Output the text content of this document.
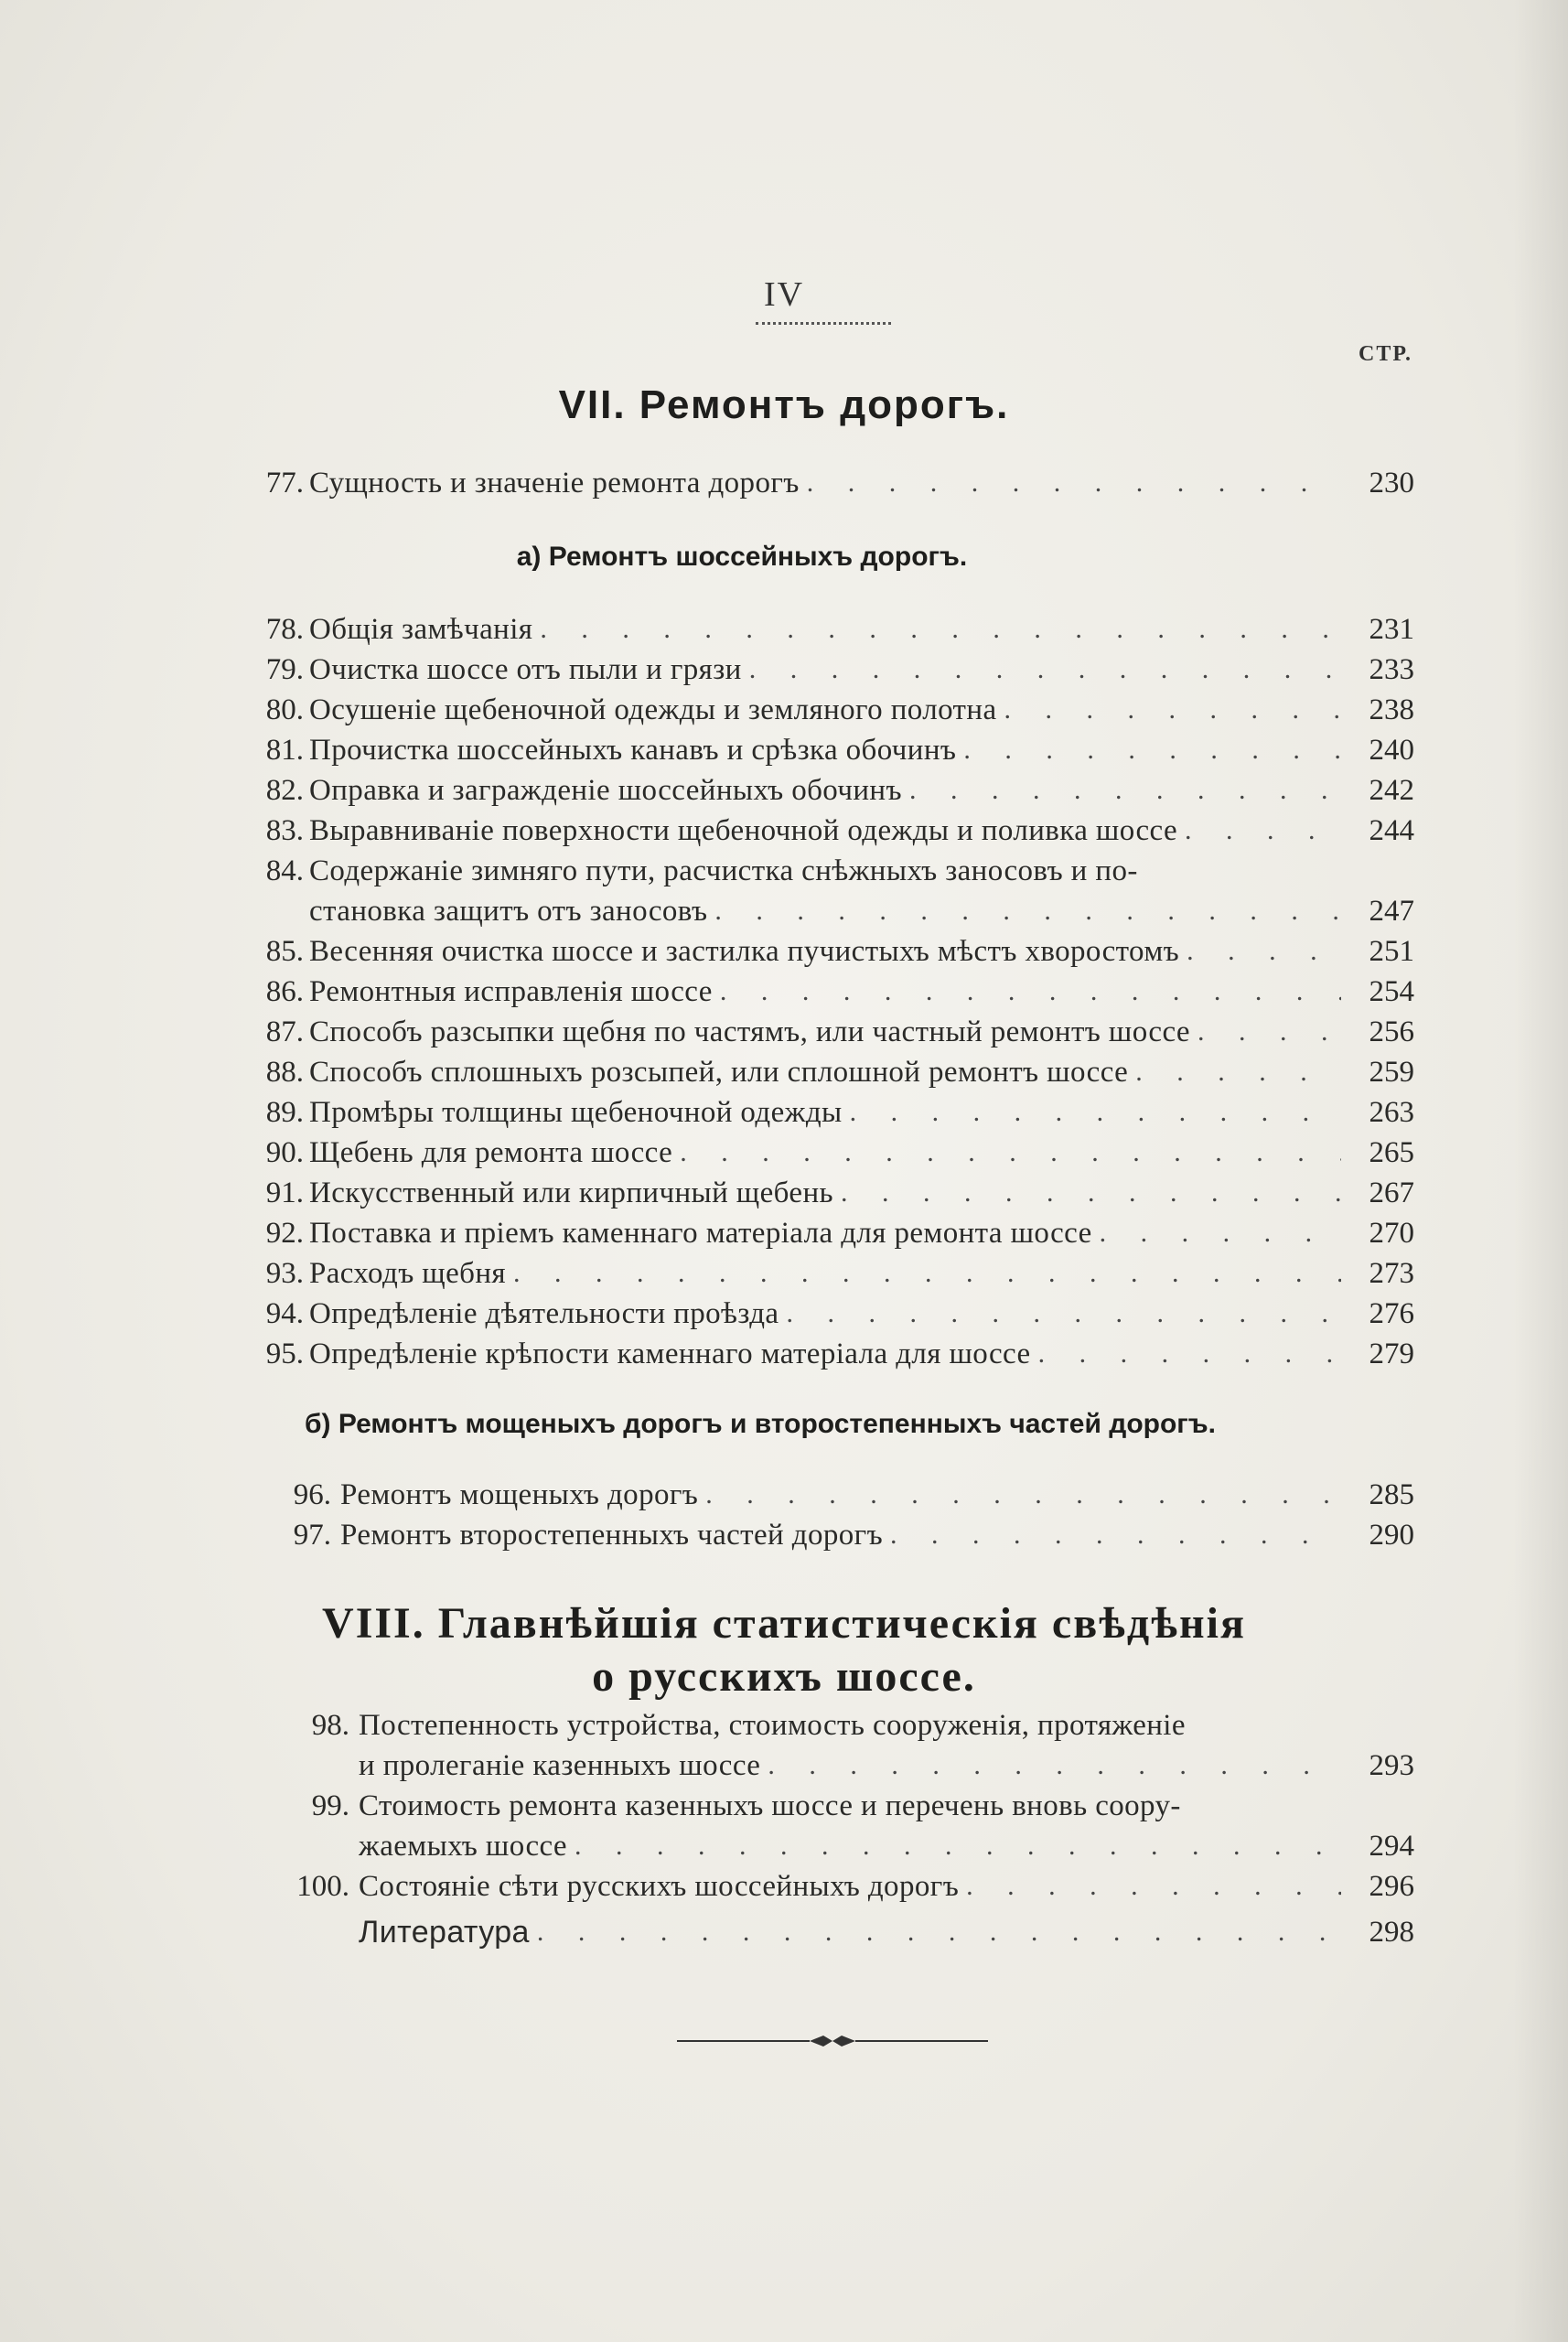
IV
СТР.
VII. Ремонтъ дорогъ.
77. Сущность и значеніе ремонта дорогъ . . .	230
а) Ремонтъ шоссейныхъ дорогъ.
78. Общія замѣчанія . . .	231
79. Очистка шоссе отъ пыли и грязи . . .	233
80. Осушеніе щебеночной одежды и земляного полотна . . .	238
81. Прочистка шоссейныхъ канавъ и срѣзка обочинъ . . .	240
82. Оправка и загражденіе шоссейныхъ обочинъ . . .	242
83. Выравниваніе поверхности щебеночной одежды и поливка шоссе . . .	244
84. Содержаніе зимняго пути, расчистка снѣжныхъ заносовъ и по-
становка защитъ отъ заносовъ . . .	247
85. Весенняя очистка шоссе и застилка пучистыхъ мѣстъ хворостомъ . . .	251
86. Ремонтныя исправленія шоссе . . .	254
87. Способъ разсыпки щебня по частямъ, или частный ремонтъ шоссе . . .	256
88. Способъ сплошныхъ розсыпей, или сплошной ремонтъ шоссе . . .	259
89. Промѣры толщины щебеночной одежды . . .	263
90. Щебень для ремонта шоссе . . .	265
91. Искусственный или кирпичный щебень . . .	267
92. Поставка и пріемъ каменнаго матеріала для ремонта шоссе . . .	270
93. Расходъ щебня . . .	273
94. Опредѣленіе дѣятельности проѣзда . . .	276
95. Опредѣленіе крѣпости каменнаго матеріала для шоссе . . .	279
б) Ремонтъ мощеныхъ дорогъ и второстепенныхъ частей дорогъ.
96. Ремонтъ мощеныхъ дорогъ . . .	285
97. Ремонтъ второстепенныхъ частей дорогъ . . .	290
VIII. Главнѣйшія статистическія свѣдѣнія
о русскихъ шоссе.
98. Постепенность устройства, стоимость сооруженія, протяженіе
и пролеганіе казенныхъ шоссе . . .	293
99. Стоимость ремонта казенныхъ шоссе и перечень вновь соору-
жаемыхъ шоссе . . .	294
100. Состояніе сѣти русскихъ шоссейныхъ дорогъ . . .	296
Литература . . .	298
